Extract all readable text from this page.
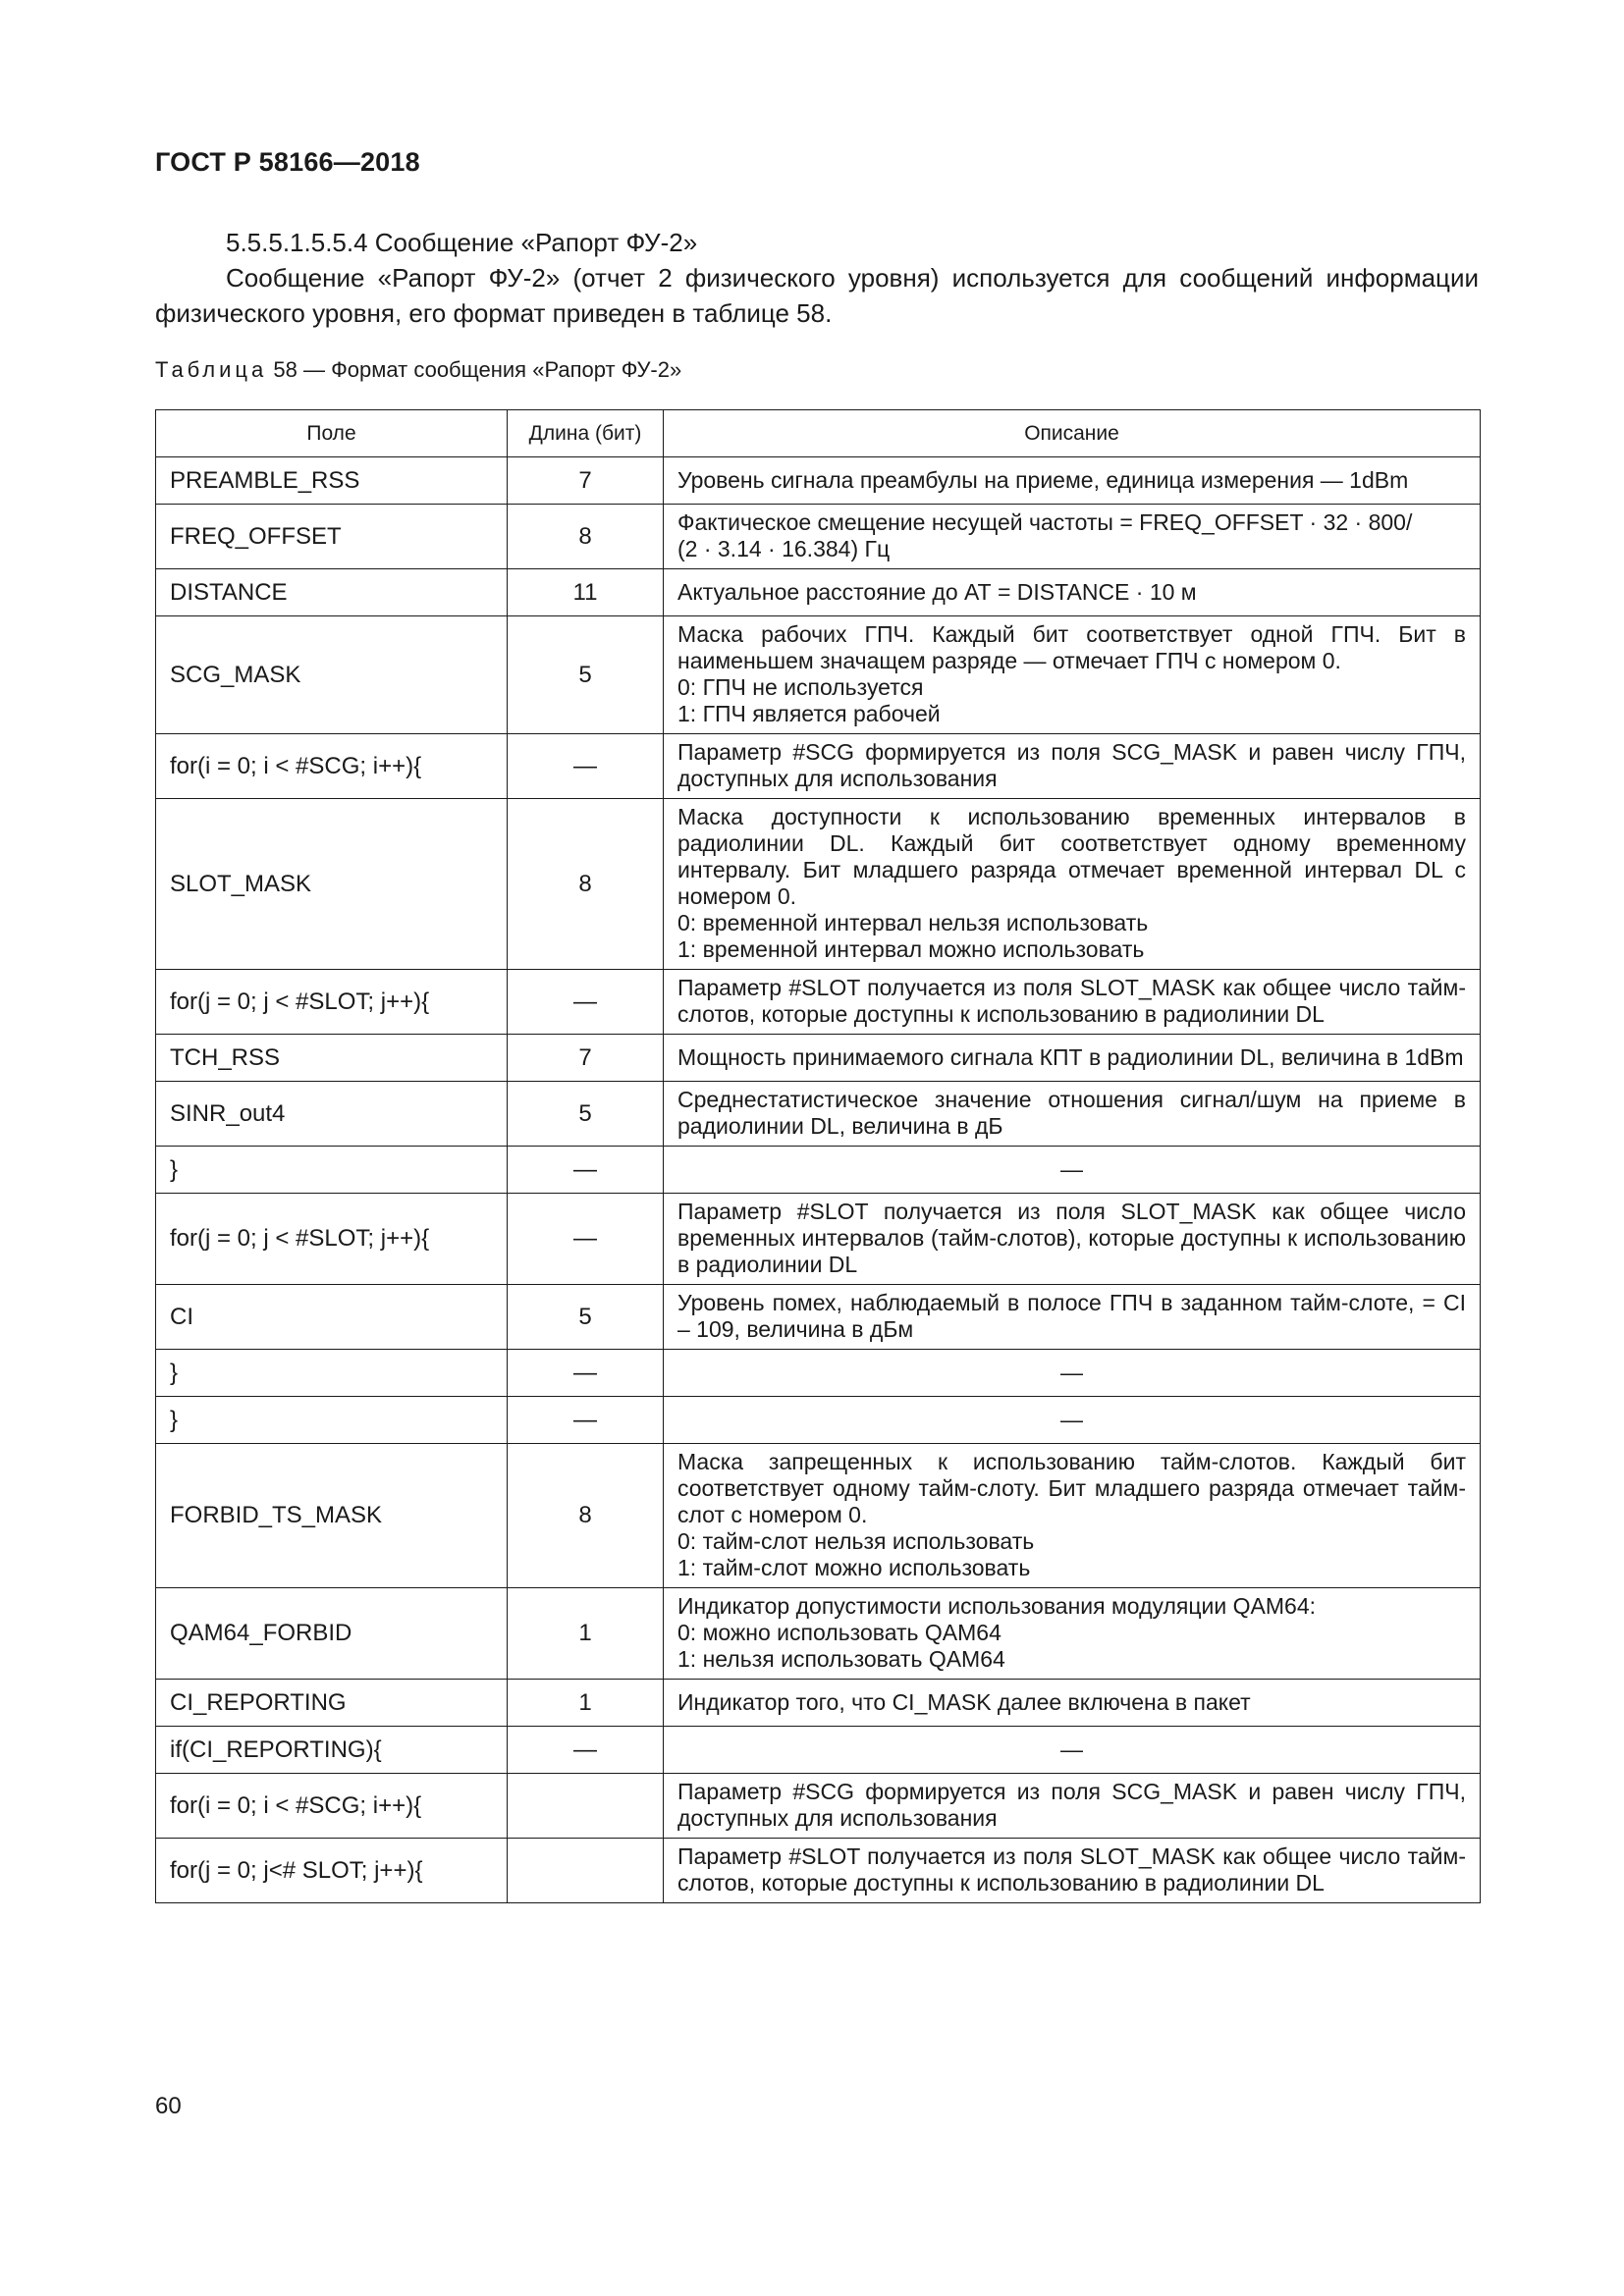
ГОСТ Р 58166—2018
5.5.5.1.5.5.4 Сообщение «Рапорт ФУ-2»
Сообщение «Рапорт ФУ-2» (отчет 2 физического уровня) используется для сообщений информации физического уровня, его формат приведен в таблице 58.
Таблица 58 — Формат сообщения «Рапорт ФУ-2»
Поле	Длина (бит)	Описание
PREAMBLE_RSS	7	Уровень сигнала преамбулы на приеме, единица измерения — 1dBm
FREQ_OFFSET	8	Фактическое смещение несущей частоты = FREQ_OFFSET · 32 · 800/
(2 · 3.14 · 16.384) Гц
DISTANCE	11	Актуальное расстояние до АТ = DISTANCE · 10 м
SCG_MASK	5	Маска рабочих ГПЧ. Каждый бит соответствует одной ГПЧ. Бит в наименьшем значащем разряде — отмечает ГПЧ с номером 0.
0: ГПЧ не используется
1: ГПЧ является рабочей
for(i = 0; i < #SCG; i++){	—	Параметр #SCG формируется из поля SCG_MASK и равен числу ГПЧ, доступных для использования
SLOT_MASK	8	Маска доступности к использованию временных интервалов в радиолинии DL. Каждый бит соответствует одному временному интервалу. Бит младшего разряда отмечает временной интервал DL с номером 0.
0: временной интервал нельзя использовать
1: временной интервал можно использовать
for(j = 0; j < #SLOT; j++){	—	Параметр #SLOT получается из поля SLOT_MASK как общее число тайм-слотов, которые доступны к использованию в радиолинии DL
TCH_RSS	7	Мощность принимаемого сигнала КПТ в радиолинии DL, величина в 1dBm
SINR_out4	5	Среднестатистическое значение отношения сигнал/шум на приеме в радиолинии DL, величина в дБ
}	—	—
for(j = 0; j < #SLOT; j++){	—	Параметр #SLOT получается из поля SLOT_MASK как общее число временных интервалов (тайм-слотов), которые доступны к использованию в радиолинии DL
CI	5	Уровень помех, наблюдаемый в полосе ГПЧ в заданном тайм-слоте, = CI – 109, величина в дБм
}	—	—
}	—	—
FORBID_TS_MASK	8	Маска запрещенных к использованию тайм-слотов. Каждый бит соответствует одному тайм-слоту. Бит младшего разряда отмечает тайм-слот с номером 0.
0: тайм-слот нельзя использовать
1: тайм-слот можно использовать
QAM64_FORBID	1	Индикатор допустимости использования модуляции QAM64:
0: можно использовать QAM64
1: нельзя использовать QAM64
CI_REPORTING	1	Индикатор того, что CI_MASK далее включена в пакет
if(CI_REPORTING){	—	—
for(i = 0; i < #SCG; i++){		Параметр #SCG формируется из поля SCG_MASK и равен числу ГПЧ, доступных для использования
for(j = 0; j<# SLOT; j++){		Параметр #SLOT получается из поля SLOT_MASK как общее число тайм-слотов, которые доступны к использованию в радиолинии DL
60
